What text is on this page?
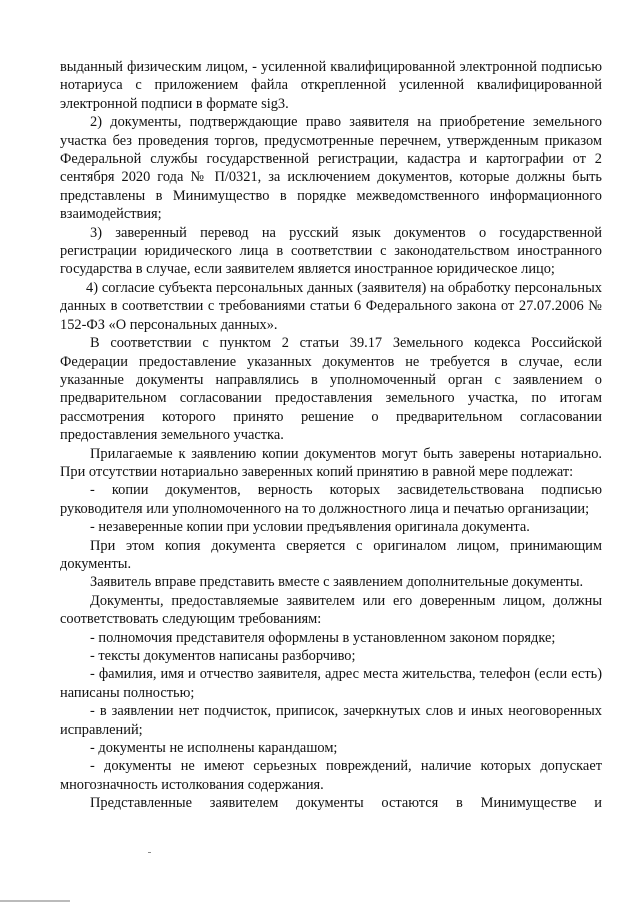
выданный физическим лицом, - усиленной квалифицированной электронной подписью нотариуса с приложением файла открепленной усиленной квалифицированной электронной подписи в формате sig3.

2) документы, подтверждающие право заявителя на приобретение земельного участка без проведения торгов, предусмотренные перечнем, утвержденным приказом Федеральной службы государственной регистрации, кадастра и картографии от 2 сентября 2020 года № П/0321, за исключением документов, которые должны быть представлены в Минимущество в порядке межведомственного информационного взаимодействия;

3) заверенный перевод на русский язык документов о государственной регистрации юридического лица в соответствии с законодательством иностранного государства в случае, если заявителем является иностранное юридическое лицо;

4) согласие субъекта персональных данных (заявителя) на обработку персональных данных в соответствии с требованиями статьи 6 Федерального закона от 27.07.2006 № 152-ФЗ «О персональных данных».

В соответствии с пунктом 2 статьи 39.17 Земельного кодекса Российской Федерации предоставление указанных документов не требуется в случае, если указанные документы направлялись в уполномоченный орган с заявлением о предварительном согласовании предоставления земельного участка, по итогам рассмотрения которого принято решение о предварительном согласовании предоставления земельного участка.

Прилагаемые к заявлению копии документов могут быть заверены нотариально. При отсутствии нотариально заверенных копий принятию в равной мере подлежат:

- копии документов, верность которых засвидетельствована подписью руководителя или уполномоченного на то должностного лица и печатью организации;

- незаверенные копии при условии предъявления оригинала документа.

При этом копия документа сверяется с оригиналом лицом, принимающим документы.

Заявитель вправе представить вместе с заявлением дополнительные документы.

Документы, предоставляемые заявителем или его доверенным лицом, должны соответствовать следующим требованиям:

- полномочия представителя оформлены в установленном законом порядке;

- тексты документов написаны разборчиво;

- фамилия, имя и отчество заявителя, адрес места жительства, телефон (если есть) написаны полностью;

- в заявлении нет подчисток, приписок, зачеркнутых слов и иных неоговоренных исправлений;

- документы не исполнены карандашом;

- документы не имеют серьезных повреждений, наличие которых допускает многозначность истолкования содержания.

Представленные заявителем документы остаются в Минимуществе и
